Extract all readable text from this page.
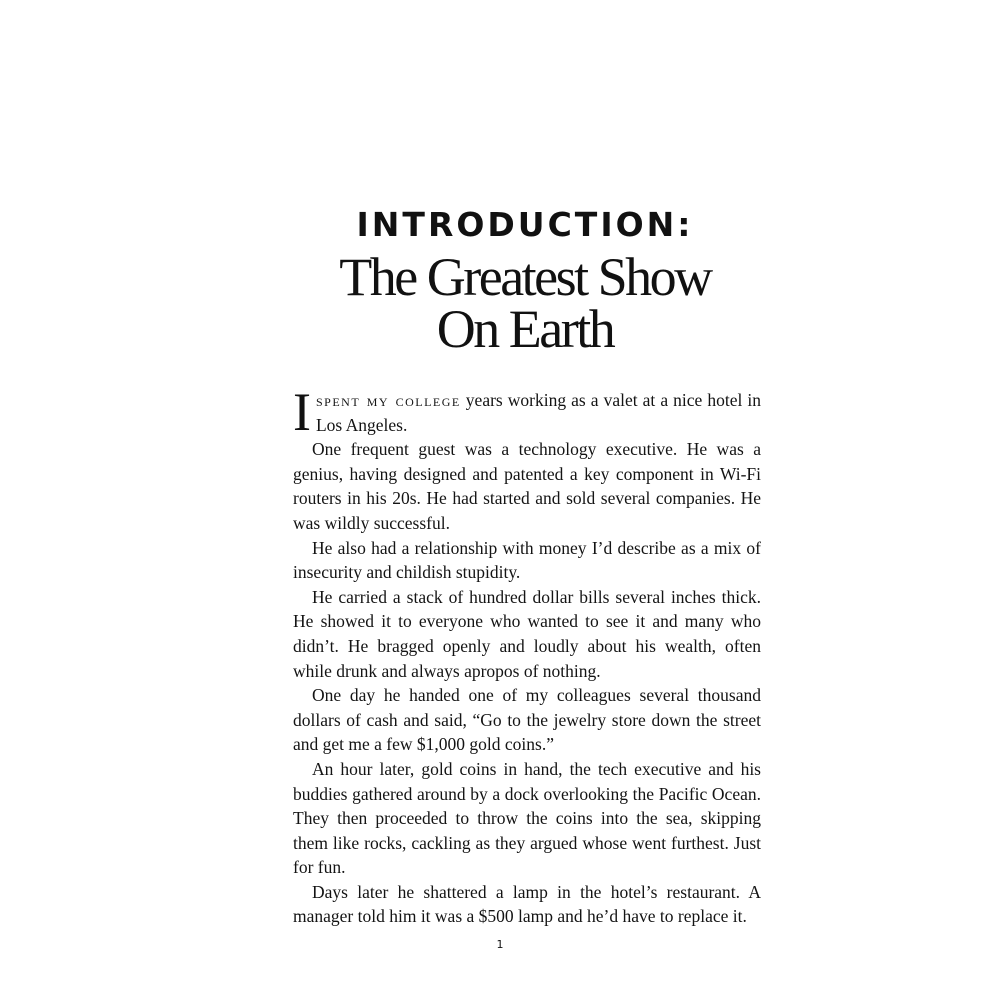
INTRODUCTION:
The Greatest Show
On Earth

Ispent my college years working as a valet at a nice hotel in Los Angeles.

One frequent guest was a technology executive. He was a genius, having designed and patented a key component in Wi-Fi routers in his 20s. He had started and sold several companies. He was wildly successful.

He also had a relationship with money I’d describe as a mix of insecurity and childish stupidity.

He carried a stack of hundred dollar bills several inches thick. He showed it to everyone who wanted to see it and many who didn’t. He bragged openly and loudly about his wealth, often while drunk and always apropos of nothing.

One day he handed one of my colleagues several thousand dollars of cash and said, “Go to the jewelry store down the street and get me a few $1,000 gold coins.”

An hour later, gold coins in hand, the tech executive and his buddies gathered around by a dock overlooking the Pacific Ocean. They then proceeded to throw the coins into the sea, skipping them like rocks, cackling as they argued whose went furthest. Just for fun.

Days later he shattered a lamp in the hotel’s restaurant. A manager told him it was a $500 lamp and he’d have to replace it.

1
